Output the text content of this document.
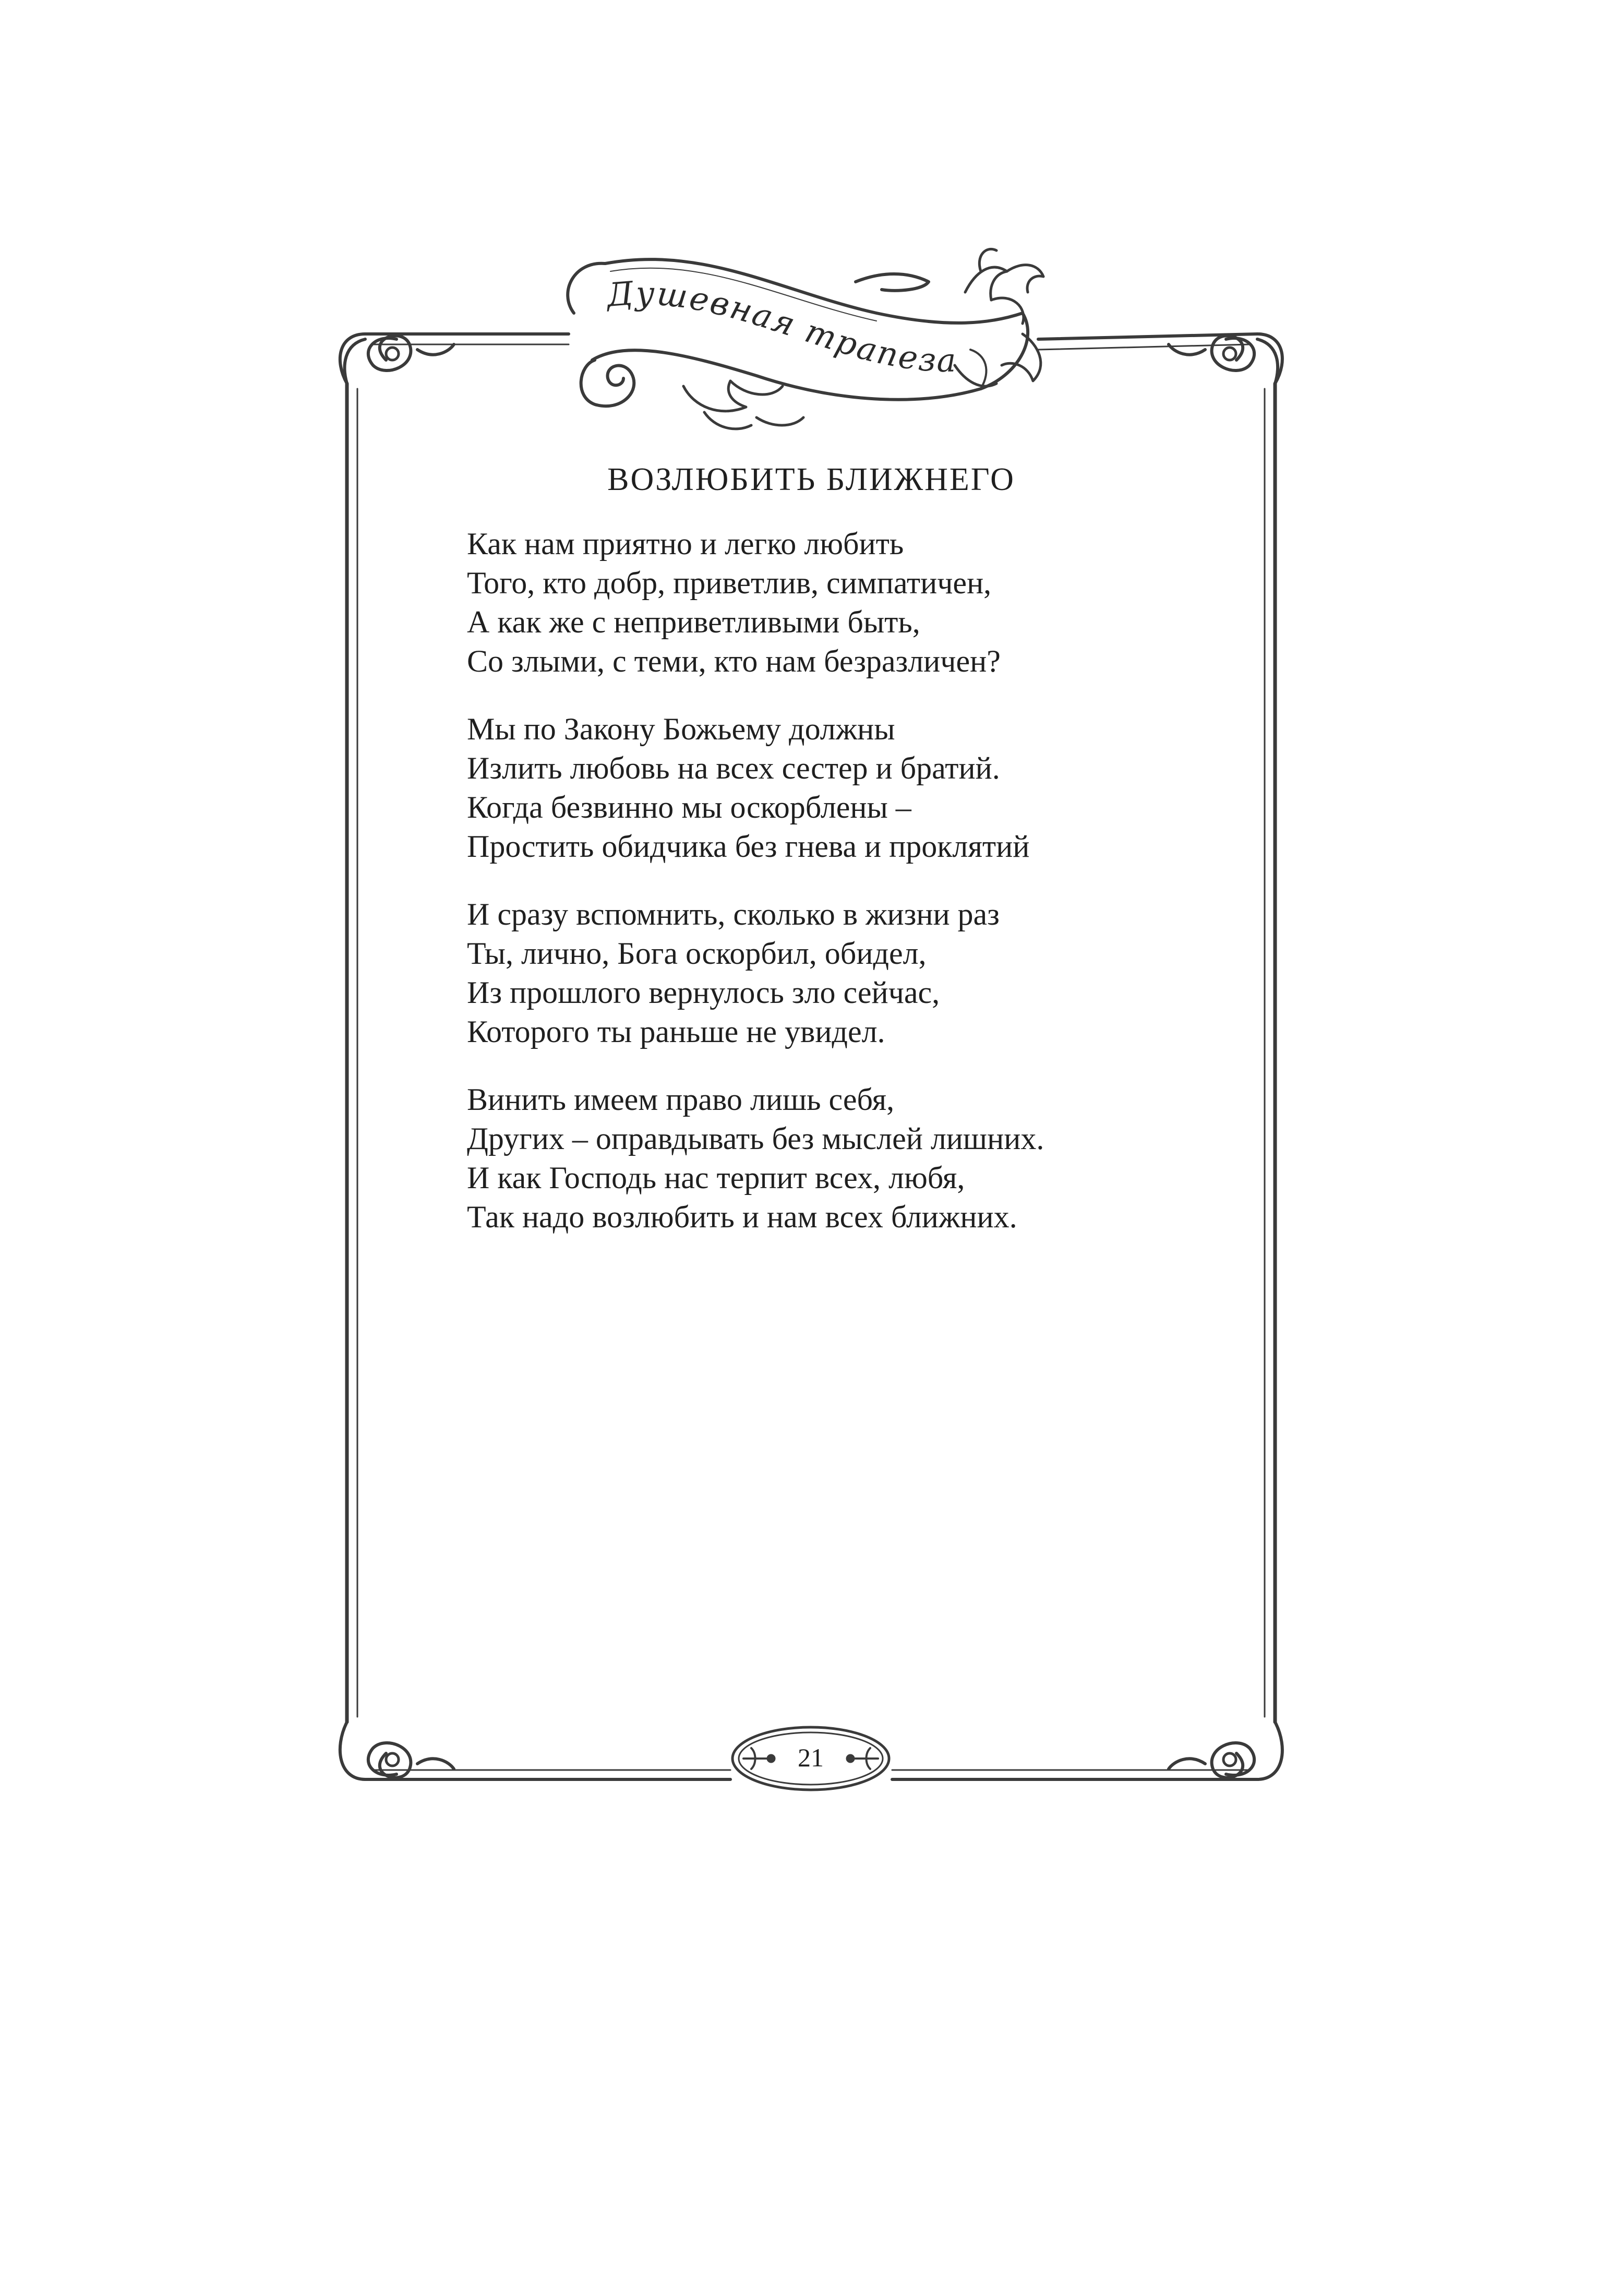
Душевная трапеза
ВОЗЛЮБИТЬ БЛИЖНЕГО
Как нам приятно и легко любить
Того, кто добр, приветлив, симпатичен,
А как же с неприветливыми быть,
Со злыми, с теми, кто нам безразличен?
Мы по Закону Божьему должны
Излить любовь на всех сестер и братий.
Когда безвинно мы оскорблены –
Простить обидчика без гнева и проклятий
И сразу вспомнить, сколько в жизни раз
Ты, лично, Бога оскорбил, обидел,
Из прошлого вернулось зло сейчас,
Которого ты раньше не увидел.
Винить имеем право лишь себя,
Других – оправдывать без мыслей лишних.
И как Господь нас терпит всех, любя,
Так надо возлюбить и нам всех ближних.
21
